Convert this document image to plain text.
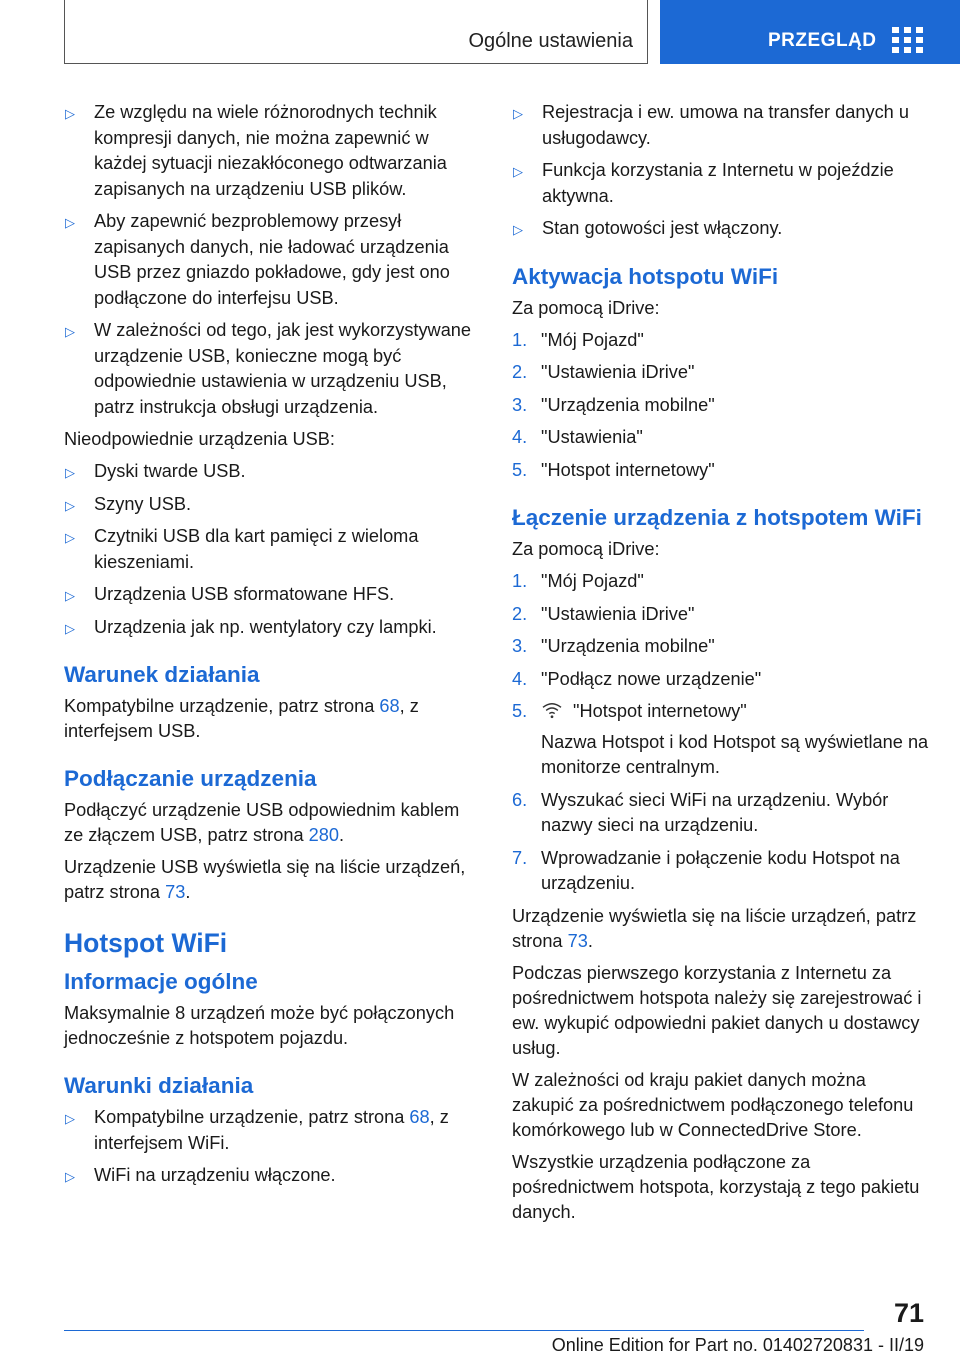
Ogólne ustawienia	PRZEGLĄD
▷ Ze względu na wiele różnorodnych technik kompresji danych, nie można zapewnić w każdej sytuacji niezakłóconego odtwarzania zapisanych na urządzeniu USB plików.
▷ Aby zapewnić bezproblemowy przesył zapisanych danych, nie ładować urządzenia USB przez gniazdo pokładowe, gdy jest ono podłączone do interfejsu USB.
▷ W zależności od tego, jak jest wykorzystywane urządzenie USB, konieczne mogą być odpowiednie ustawienia w urządzeniu USB, patrz instrukcja obsługi urządzenia.

Nieodpowiednie urządzenia USB:

▷ Dyski twarde USB.
▷ Szyny USB.
▷ Czytniki USB dla kart pamięci z wieloma kieszeniami.
▷ Urządzenia USB sformatowane HFS.
▷ Urządzenia jak np. wentylatory czy lampki.
Warunek działania

Kompatybilne urządzenie, patrz strona 68, z interfejsem USB.

Podłączanie urządzenia

Podłączyć urządzenie USB odpowiednim kablem ze złączem USB, patrz strona 280.

Urządzenie USB wyświetla się na liście urządzeń, patrz strona 73.

Hotspot WiFi
Informacje ogólne

Maksymalnie 8 urządzeń może być połączonych jednocześnie z hotspotem pojazdu.

Warunki działania
▷ Kompatybilne urządzenie, patrz strona 68, z interfejsem WiFi.
▷ WiFi na urządzeniu włączone.
▷ Rejestracja i ew. umowa na transfer danych u usługodawcy.
▷ Funkcja korzystania z Internetu w pojeździe aktywna.
▷ Stan gotowości jest włączony.
Aktywacja hotspotu WiFi

Za pomocą iDrive:

1. "Mój Pojazd"
2. "Ustawienia iDrive"
3. "Urządzenia mobilne"
4. "Ustawienia"
5. "Hotspot internetowy"
Łączenie urządzenia z hotspotem WiFi

Za pomocą iDrive:

1. "Mój Pojazd"
2. "Ustawienia iDrive"
3. "Urządzenia mobilne"
4. "Podłącz nowe urządzenie"
5.	"Hotspot internetowy"

Nazwa Hotspot i kod Hotspot są wyświetlane na monitorze centralnym.

6. Wyszukać sieci WiFi na urządzeniu. Wybór nazwy sieci na urządzeniu.
7. Wprowadzanie i połączenie kodu Hotspot na urządzeniu.

Urządzenie wyświetla się na liście urządzeń, patrz strona 73.

Podczas pierwszego korzystania z Internetu za pośrednictwem hotspota należy się zarejestrować i ew. wykupić odpowiedni pakiet danych u dostawcy usług.

W zależności od kraju pakiet danych można zakupić za pośrednictwem podłączonego telefonu komórkowego lub w ConnectedDrive Store.

Wszystkie urządzenia podłączone za pośrednictwem hotspota, korzystają z tego pakietu danych.

71
Online Edition for Part no. 01402720831 - II/19
